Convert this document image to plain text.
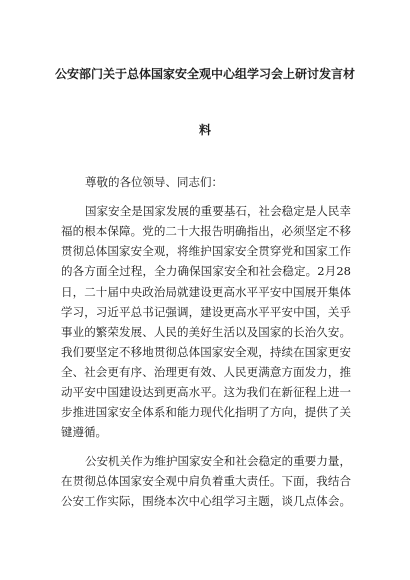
公安部门关于总体国家安全观中心组学习会上研讨发言材
料
尊敬的各位领导、同志们：
国家安全是国家发展的重要基石，社会稳定是人民幸
福的根本保障。党的二十大报告明确指出，必须坚定不移
贯彻总体国家安全观，将维护国家安全贯穿党和国家工作
的各方面全过程，全力确保国家安全和社会稳定。2月28
日，二十届中央政治局就建设更高水平平安中国展开集体
学习，习近平总书记强调，建设更高水平平安中国，关乎
事业的繁荣发展、人民的美好生活以及国家的长治久安。
我们要坚定不移地贯彻总体国家安全观，持续在国家更安
全、社会更有序、治理更有效、人民更满意方面发力，推
动平安中国建设达到更高水平。这为我们在新征程上进一
步推进国家安全体系和能力现代化指明了方向，提供了关
键遵循。
公安机关作为维护国家安全和社会稳定的重要力量，
在贯彻总体国家安全观中肩负着重大责任。下面，我结合
公安工作实际，围绕本次中心组学习主题，谈几点体会。
